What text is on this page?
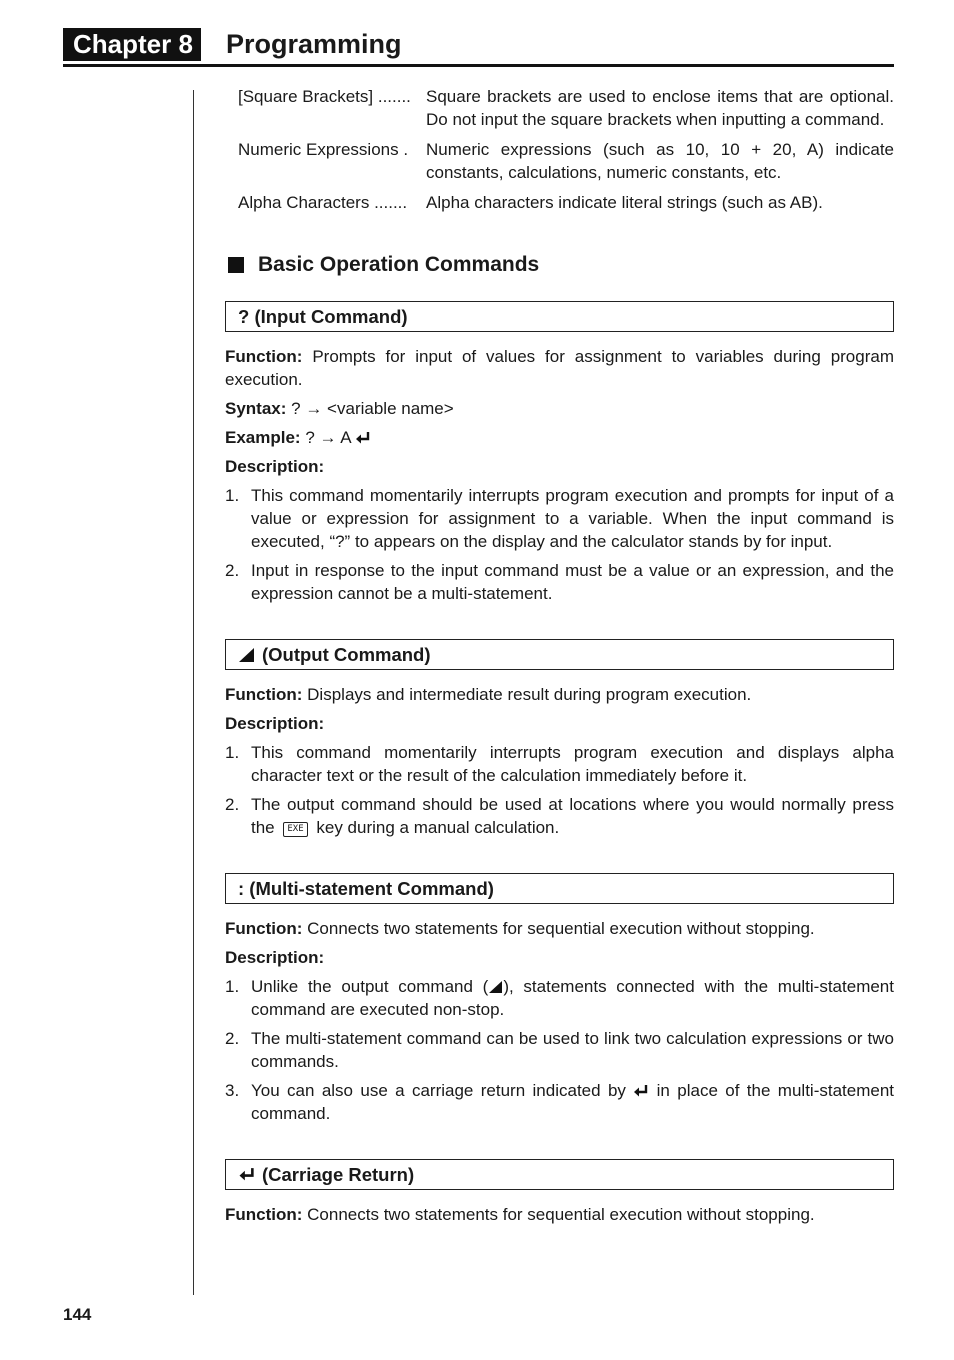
Chapter 8 Programming
[Square Brackets] ....... Square brackets are used to enclose items that are optional. Do not input the square brackets when inputting a command.
Numeric Expressions .	Numeric expressions (such as 10, 10 + 20, A) indicate constants, calculations, numeric constants, etc.
Alpha Characters .......	Alpha characters indicate literal strings (such as AB).
Basic Operation Commands
? (Input Command)
Function: Prompts for input of values for assignment to variables during program execution.
Syntax: ? → <variable name>
Example: ? → A
Description:
1. This command momentarily interrupts program execution and prompts for input of a value or expression for assignment to a variable. When the input command is executed, “?” to appears on the display and the calculator stands by for input.
2. Input in response to the input command must be a value or an expression, and the expression cannot be a multi-statement.
(Output Command)
Function: Displays and intermediate result during program execution.
Description:
1. This command momentarily interrupts program execution and displays alpha character text or the result of the calculation immediately before it.
2. The output command should be used at locations where you would normally press the EXE key during a manual calculation.
: (Multi-statement Command)
Function: Connects two statements for sequential execution without stopping.
Description:
1. Unlike the output command ( ), statements connected with the multi-statement command are executed non-stop.
2. The multi-statement command can be used to link two calculation expressions or two commands.
3. You can also use a carriage return indicated by in place of the multi-statement command.
(Carriage Return)
Function: Connects two statements for sequential execution without stopping.
144
